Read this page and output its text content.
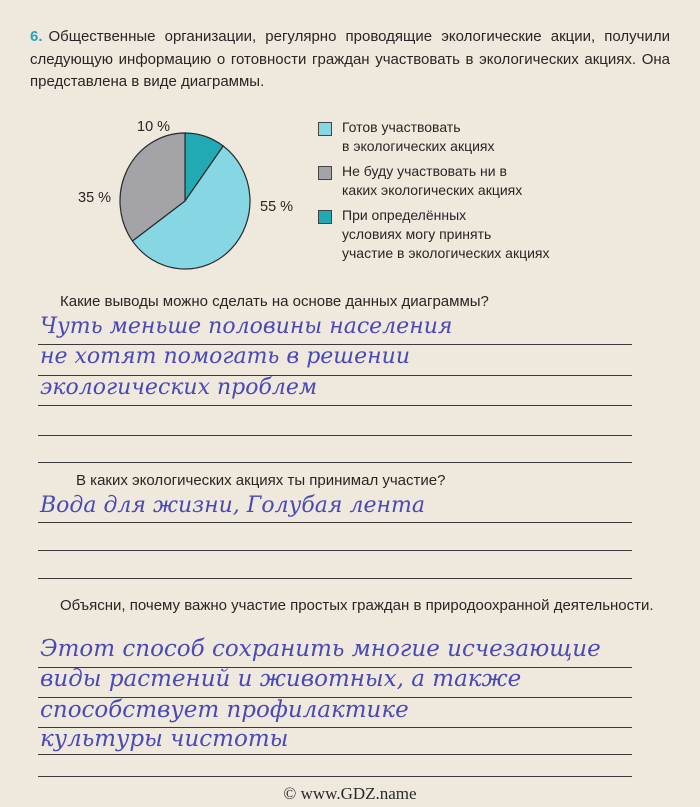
6. Общественные организации, регулярно проводящие экологические акции, получили следующую информацию о готовности граждан участвовать в экологических акциях. Она представлена в виде диаграммы.
10 %
35 %
55 %
Готов участвовать
в экологических акциях
Не буду участвовать ни в
каких экологических акциях
При определённых
условиях могу принять
участие в экологических акциях
Какие выводы можно сделать на основе данных диаграммы?
Чуть меньше половины населения
не хотят помогать в решении
экологических проблем
В каких экологических акциях ты принимал участие?
Вода для жизни, Голубая лента
Объясни, почему важно участие простых граждан в природоохранной деятельности.
Этот способ сохранить многие исчезающие
виды растений и животных, а также
способствует профилактике
культуры чистоты
© www.GDZ.name
